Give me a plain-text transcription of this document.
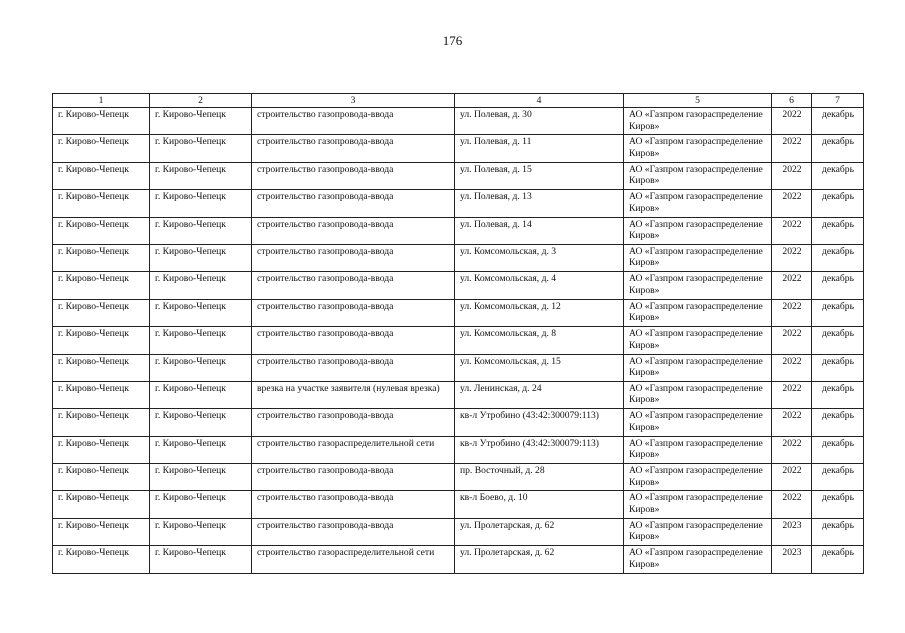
176
1	2	3	4	5	6	7
г. Кирово-Чепецк	г. Кирово-Чепецк	строительство газопровода-ввода	ул. Полевая, д. 30	АО «Газпром газораспределение Киров»	2022	декабрь
г. Кирово-Чепецк	г. Кирово-Чепецк	строительство газопровода-ввода	ул. Полевая, д. 11	АО «Газпром газораспределение Киров»	2022	декабрь
г. Кирово-Чепецк	г. Кирово-Чепецк	строительство газопровода-ввода	ул. Полевая, д. 15	АО «Газпром газораспределение Киров»	2022	декабрь
г. Кирово-Чепецк	г. Кирово-Чепецк	строительство газопровода-ввода	ул. Полевая, д. 13	АО «Газпром газораспределение Киров»	2022	декабрь
г. Кирово-Чепецк	г. Кирово-Чепецк	строительство газопровода-ввода	ул. Полевая, д. 14	АО «Газпром газораспределение Киров»	2022	декабрь
г. Кирово-Чепецк	г. Кирово-Чепецк	строительство газопровода-ввода	ул. Комсомольская, д. 3	АО «Газпром газораспределение Киров»	2022	декабрь
г. Кирово-Чепецк	г. Кирово-Чепецк	строительство газопровода-ввода	ул. Комсомольская, д. 4	АО «Газпром газораспределение Киров»	2022	декабрь
г. Кирово-Чепецк	г. Кирово-Чепецк	строительство газопровода-ввода	ул. Комсомольская, д. 12	АО «Газпром газораспределение Киров»	2022	декабрь
г. Кирово-Чепецк	г. Кирово-Чепецк	строительство газопровода-ввода	ул. Комсомольская, д. 8	АО «Газпром газораспределение Киров»	2022	декабрь
г. Кирово-Чепецк	г. Кирово-Чепецк	строительство газопровода-ввода	ул. Комсомольская, д. 15	АО «Газпром газораспределение Киров»	2022	декабрь
г. Кирово-Чепецк	г. Кирово-Чепецк	врезка на участке заявителя (нулевая врезка)	ул. Ленинская, д. 24	АО «Газпром газораспределение Киров»	2022	декабрь
г. Кирово-Чепецк	г. Кирово-Чепецк	строительство газопровода-ввода	кв-л Утробино (43:42:300079:113)	АО «Газпром газораспределение Киров»	2022	декабрь
г. Кирово-Чепецк	г. Кирово-Чепецк	строительство газораспределительной сети	кв-л Утробино (43:42:300079:113)	АО «Газпром газораспределение Киров»	2022	декабрь
г. Кирово-Чепецк	г. Кирово-Чепецк	строительство газопровода-ввода	пр. Восточный, д. 28	АО «Газпром газораспределение Киров»	2022	декабрь
г. Кирово-Чепецк	г. Кирово-Чепецк	строительство газопровода-ввода	кв-л Боево, д. 10	АО «Газпром газораспределение Киров»	2022	декабрь
г. Кирово-Чепецк	г. Кирово-Чепецк	строительство газопровода-ввода	ул. Пролетарская, д. 62	АО «Газпром газораспределение Киров»	2023	декабрь
г. Кирово-Чепецк	г. Кирово-Чепецк	строительство газораспределительной сети	ул. Пролетарская, д. 62	АО «Газпром газораспределение Киров»	2023	декабрь
